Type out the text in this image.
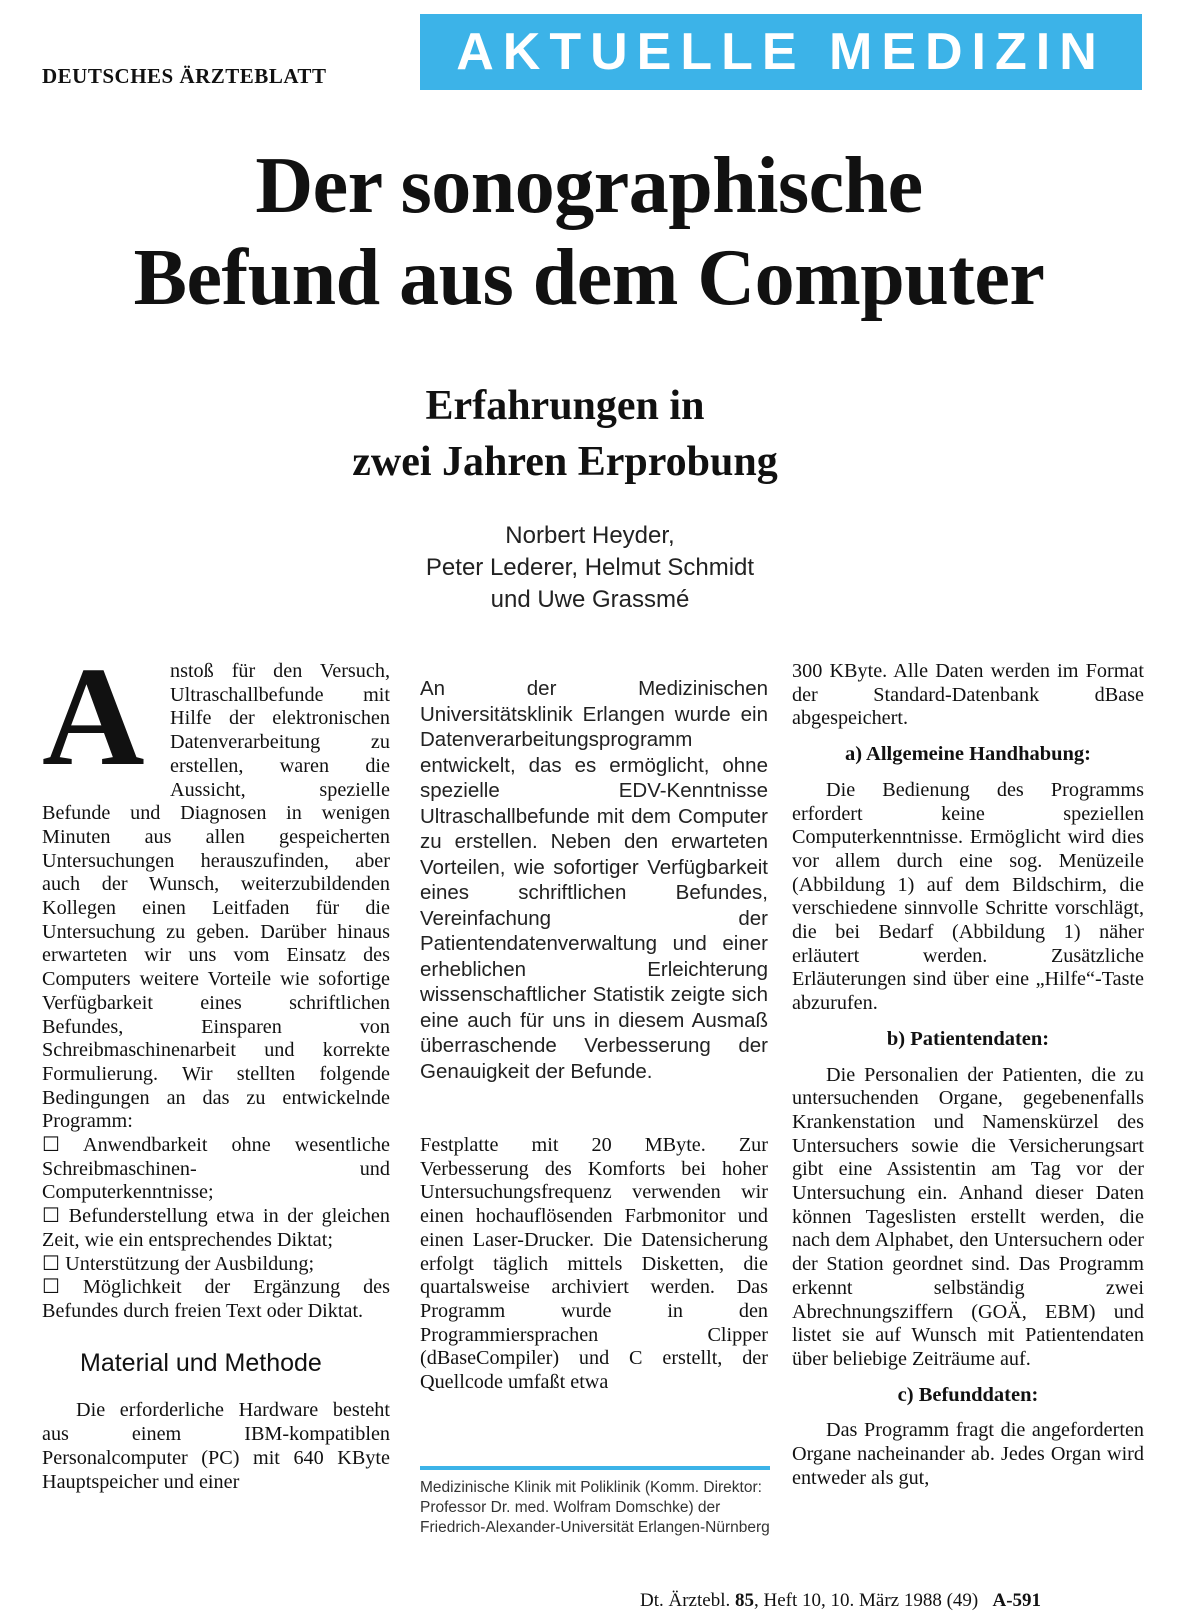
DEUTSCHES ÄRZTEBLATT	AKTUELLE MEDIZIN
Der sonographische
Befund aus dem Computer
Erfahrungen in
zwei Jahren Erprobung
Norbert Heyder,
Peter Lederer, Helmut Schmidt
und Uwe Grassmé
A	nstoß für den Versuch, Ultraschallbefunde mit Hilfe der elektronischen Datenverarbeitung zu erstellen, waren die Aussicht, spezielle Befunde und Diagnosen in wenigen Minuten aus allen gespeicherten Untersuchungen herauszufinden, aber auch der Wunsch, weiterzubildenden Kollegen einen Leitfaden für die Untersuchung zu geben. Darüber hinaus erwarteten wir uns vom Einsatz des Computers weitere Vorteile wie sofortige Verfügbarkeit eines schriftlichen Befundes, Einsparen von Schreibmaschinenarbeit und korrekte Formulierung. Wir stellten folgende Bedingungen an das zu entwickelnde Programm:

☐ Anwendbarkeit ohne wesentliche Schreibmaschinen- und Computerkenntnisse;

☐ Befunderstellung etwa in der gleichen Zeit, wie ein entsprechendes Diktat;

☐ Unterstützung der Ausbildung;

☐ Möglichkeit der Ergänzung des Befundes durch freien Text oder Diktat.

Material und Methode

Die erforderliche Hardware besteht aus einem IBM-kompatiblen Personalcomputer (PC) mit 640 KByte Hauptspeicher und einer

An der Medizinischen Universitätsklinik Erlangen wurde ein Datenverarbeitungsprogramm entwickelt, das es ermöglicht, ohne spezielle EDV-Kenntnisse Ultraschallbefunde mit dem Computer zu erstellen. Neben den erwarteten Vorteilen, wie sofortiger Verfügbarkeit eines schriftlichen Befundes, Vereinfachung der Patientendatenverwaltung und einer erheblichen Erleichterung wissenschaftlicher Statistik zeigte sich eine auch für uns in diesem Ausmaß überraschende Verbesserung der Genauigkeit der Befunde.
Festplatte mit 20 MByte. Zur Verbesserung des Komforts bei hoher Untersuchungsfrequenz verwenden wir einen hochauflösenden Farbmonitor und einen Laser-Drucker. Die Datensicherung erfolgt täglich mittels Disketten, die quartalsweise archiviert werden. Das Programm wurde in den Programmiersprachen Clipper (dBaseCompiler) und C erstellt, der Quellcode umfaßt etwa
Medizinische Klinik mit Poliklinik (Komm. Direktor: Professor Dr. med. Wolfram Domschke) der Friedrich-Alexander-Universität Erlangen-Nürnberg

300 KByte. Alle Daten werden im Format der Standard-Datenbank dBase abgespeichert.

a) Allgemeine Handhabung:

Die Bedienung des Programms erfordert keine speziellen Computerkenntnisse. Ermöglicht wird dies vor allem durch eine sog. Menüzeile (Abbildung 1) auf dem Bildschirm, die verschiedene sinnvolle Schritte vorschlägt, die bei Bedarf (Abbildung 1) näher erläutert werden. Zusätzliche Erläuterungen sind über eine „Hilfe“-Taste abzurufen.

b) Patientendaten:

Die Personalien der Patienten, die zu untersuchenden Organe, gegebenenfalls Krankenstation und Namenskürzel des Untersuchers sowie die Versicherungsart gibt eine Assistentin am Tag vor der Untersuchung ein. Anhand dieser Daten können Tageslisten erstellt werden, die nach dem Alphabet, den Untersuchern oder der Station geordnet sind. Das Programm erkennt selbständig zwei Abrechnungsziffern (GOÄ, EBM) und listet sie auf Wunsch mit Patientendaten über beliebige Zeiträume auf.

c) Befunddaten:

Das Programm fragt die angeforderten Organe nacheinander ab. Jedes Organ wird entweder als gut,

Dt. Ärztebl. 85, Heft 10, 10. März 1988 (49) A-591
